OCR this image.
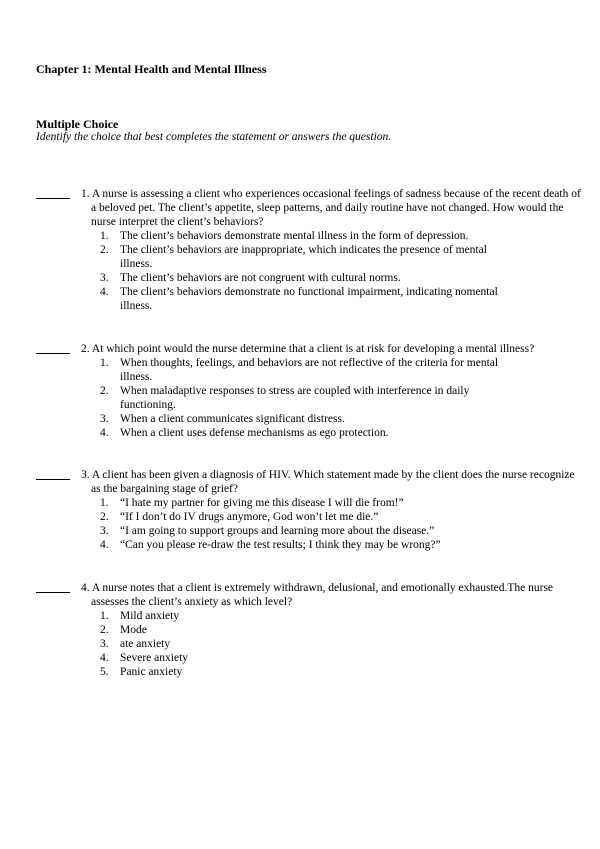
Chapter 1: Mental Health and Mental Illness
Multiple Choice

Identify the choice that best completes the statement or answers the question.

1. A nurse is assessing a client who experiences occasional feelings of sadness because of the recent death of a beloved pet. The client’s appetite, sleep patterns, and daily routine have not changed. How would the nurse interpret the client’s behaviors?
1. The client’s behaviors demonstrate mental illness in the form of depression.
2. The client’s behaviors are inappropriate, which indicates the presence of mental illness.
3. The client’s behaviors are not congruent with cultural norms.
4. The client’s behaviors demonstrate no functional impairment, indicating nomental illness.
2. At which point would the nurse determine that a client is at risk for developing a mental illness?
1. When thoughts, feelings, and behaviors are not reflective of the criteria for mental illness.
2. When maladaptive responses to stress are coupled with interference in daily functioning.
3. When a client communicates significant distress.
4. When a client uses defense mechanisms as ego protection.
3. A client has been given a diagnosis of HIV. Which statement made by the client does the nurse recognize as the bargaining stage of grief?
1. “I hate my partner for giving me this disease I will die from!”
2. “If I don’t do IV drugs anymore, God won’t let me die.”
3. “I am going to support groups and learning more about the disease.”
4. “Can you please re-draw the test results; I think they may be wrong?”
4. A nurse notes that a client is extremely withdrawn, delusional, and emotionally exhausted.The nurse assesses the client’s anxiety as which level?
1. Mild anxiety
2. Mode
3. ate anxiety
4. Severe anxiety
5. Panic anxiety
